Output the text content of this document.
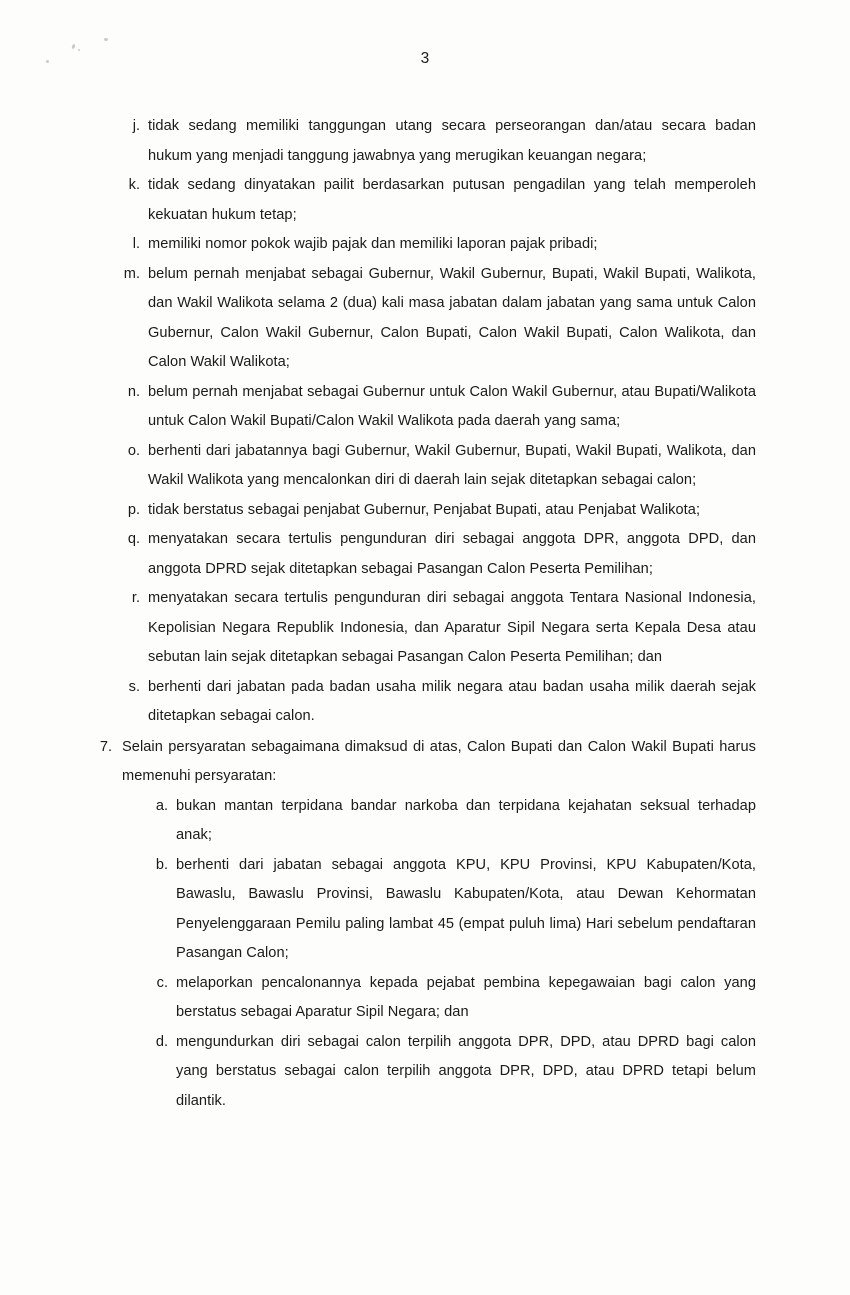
3
j. tidak sedang memiliki tanggungan utang secara perseorangan dan/atau secara badan hukum yang menjadi tanggung jawabnya yang merugikan keuangan negara;
k. tidak sedang dinyatakan pailit berdasarkan putusan pengadilan yang telah memperoleh kekuatan hukum tetap;
l. memiliki nomor pokok wajib pajak dan memiliki laporan pajak pribadi;
m. belum pernah menjabat sebagai Gubernur, Wakil Gubernur, Bupati, Wakil Bupati, Walikota, dan Wakil Walikota selama 2 (dua) kali masa jabatan dalam jabatan yang sama untuk Calon Gubernur, Calon Wakil Gubernur, Calon Bupati, Calon Wakil Bupati, Calon Walikota, dan Calon Wakil Walikota;
n. belum pernah menjabat sebagai Gubernur untuk Calon Wakil Gubernur, atau Bupati/Walikota untuk Calon Wakil Bupati/Calon Wakil Walikota pada daerah yang sama;
o. berhenti dari jabatannya bagi Gubernur, Wakil Gubernur, Bupati, Wakil Bupati, Walikota, dan Wakil Walikota yang mencalonkan diri di daerah lain sejak ditetapkan sebagai calon;
p. tidak berstatus sebagai penjabat Gubernur, Penjabat Bupati, atau Penjabat Walikota;
q. menyatakan secara tertulis pengunduran diri sebagai anggota DPR, anggota DPD, dan anggota DPRD sejak ditetapkan sebagai Pasangan Calon Peserta Pemilihan;
r. menyatakan secara tertulis pengunduran diri sebagai anggota Tentara Nasional Indonesia, Kepolisian Negara Republik Indonesia, dan Aparatur Sipil Negara serta Kepala Desa atau sebutan lain sejak ditetapkan sebagai Pasangan Calon Peserta Pemilihan; dan
s. berhenti dari jabatan pada badan usaha milik negara atau badan usaha milik daerah sejak ditetapkan sebagai calon.
7. Selain persyaratan sebagaimana dimaksud di atas, Calon Bupati dan Calon Wakil Bupati harus memenuhi persyaratan:
a. bukan mantan terpidana bandar narkoba dan terpidana kejahatan seksual terhadap anak;
b. berhenti dari jabatan sebagai anggota KPU, KPU Provinsi, KPU Kabupaten/Kota, Bawaslu, Bawaslu Provinsi, Bawaslu Kabupaten/Kota, atau Dewan Kehormatan Penyelenggaraan Pemilu paling lambat 45 (empat puluh lima) Hari sebelum pendaftaran Pasangan Calon;
c. melaporkan pencalonannya kepada pejabat pembina kepegawaian bagi calon yang berstatus sebagai Aparatur Sipil Negara; dan
d. mengundurkan diri sebagai calon terpilih anggota DPR, DPD, atau DPRD bagi calon yang berstatus sebagai calon terpilih anggota DPR, DPD, atau DPRD tetapi belum dilantik.
